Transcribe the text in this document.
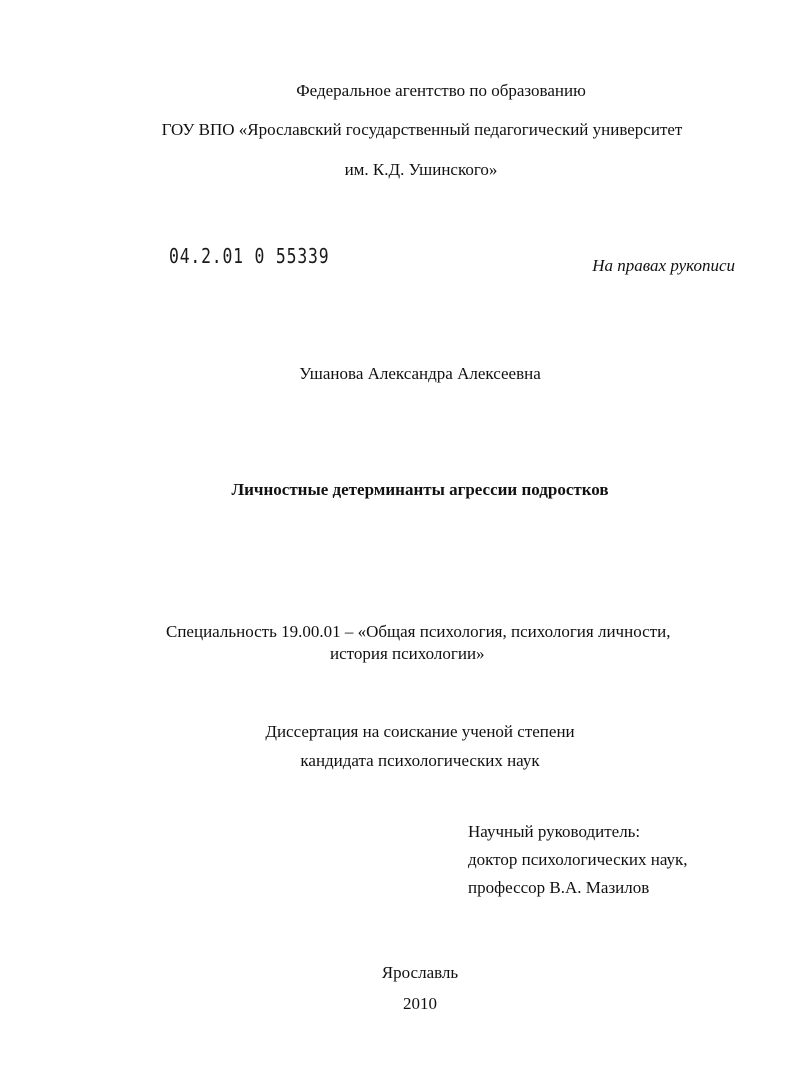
Федеральное агентство по образованию
ГОУ ВПО «Ярославский государственный педагогический университет
им. К.Д. Ушинского»
04.2.01 0 55339	На правах рукописи
Ушанова Александра Алексеевна
Личностные детерминанты агрессии подростков
Специальность 19.00.01 – «Общая психология, психология личности,
история психологии»
Диссертация на соискание ученой степени
кандидата психологических наук
Научный руководитель:
доктор психологических наук,
профессор В.А. Мазилов
Ярославль
2010
